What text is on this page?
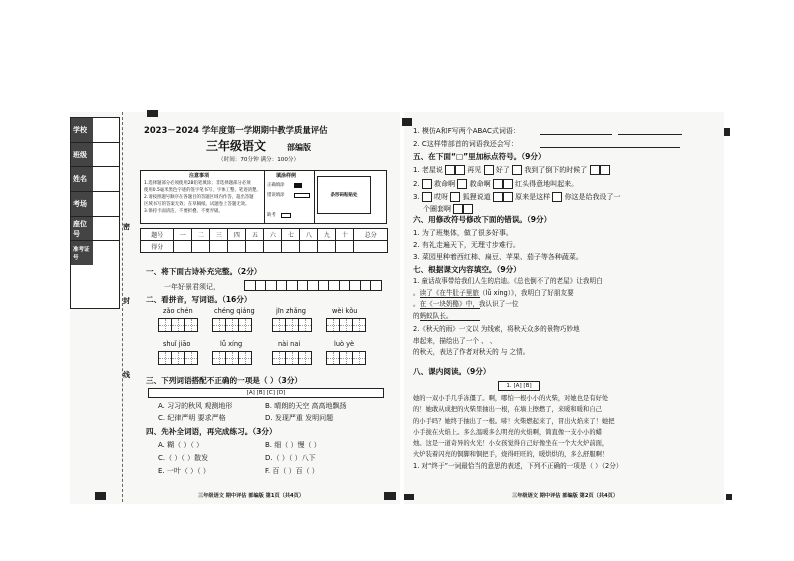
学校
班级
姓名
考场
座位号
准考证号
密
封
线
2023－2024 学年度第一学期期中教学质量评估
三年级语文	部编版
（时间：70分钟 满分：100分）
注意事项
1.选择题部分必须使用2B铅笔填涂；非选择题部分必须
使用0.5毫米黑色字迹的签字笔书写，字体工整、笔迹清楚。
2.请按照题号顺序在各题目的答题区域内作答，超出答题
区域书写的答案无效；在草稿纸、试题卷上答题无效。
3.保持卡面清洁，不要折叠、不要弄破。
填涂样例
正确填涂
错误填涂
缺考
条形码粘贴处
题号	一	二	三	四	五	六	七	八	九	十	总分
得分											
一、将下面古诗补充完整。（2分）
一年好景君须记，
二、看拼音，写词语。（16分）
zǎo chén	chéng qiáng	jīn zhǎng	wèi kǒu
shuǐ jiāo	lǚ xíng	nài nai	luò yè
三、下列词语搭配不正确的一项是（ ）（3分）
[A] [B] [C] [D]
A. 习习的秋风 观测地形	B. 晴朗的天空 高高地飘扬
C. 纪律严明 要求严格	D. 发现严重 发明问题
四、先补全词语，再完成练习。（3分）
A. 糊（ ）（ ）	B. 细（ ）慢（ ）
C.（ ）（ ）散发	D.（ ）（ ）八下
E. 一叶（ ）（ ）	F. 百（ ）百（ ）
三年级语文 期中评估 部编版 第1页（共4页）
1. 模仿A和F写两个ABAC式词语：
2. C这样带部首的词语我还会写：
五、在下面“□”里加标点符号。（9分）
1. 老屋说	再见 好了 我到了倒下的时候了
2. 救命啊 救命啊	红头得意地叫起来。
3. 哎呀 狐狸说道	原来是这样 你这是给我设了一
个圈套啊
六、用修改符号修改下面的错误。（9分）
1. 为了班集体，做了很多好事。
2. 有礼走遍天下，无理寸步难行。
3. 菜园里种着西红柿、扁豆、苹果、茄子等各种蔬菜。
七、根据课文内容填空。（9分）
1. 童话故事带给我们人生的启迪。《总也倒不了的老屋》让我明白
。读了《在牛肚子里旅（lǚ xíng）》，我明白了好朋友要
。在《一块奶酪》中，我认识了一位
的蚂蚁队长。
2.《秋天的雨》一文以 为线索，将秋天众多的景物巧妙地
串起来，描绘出了一个 、 、
的秋天，表达了作者对秋天的 与 之情。
八、课内阅读。（9分）
1. [A] [B]
她的一双小手几乎冻僵了。啊，哪怕一根小小的火柴，对她也是有好处
的！她敢从成把的火柴里抽出一根，在墙上擦燃了，来暖和暖和自己
的小手吗？她终于抽出了一根。哧！火柴燃起来了，冒出火焰来了！她把
小手拢在火焰上。多么温暖多么明亮的火焰啊，简直像一支小小的蜡
烛。这是一道奇异的火光！小女孩觉得自己好像坐在一个大火炉前面，
火炉装着闪亮的铜脚和铜把手，烧得旺旺的，暖烘烘的，多么舒服啊！
1. 对“终于”一词最恰当的意思的表述，下列不正确的一项是（ ）（2分）
三年级语文 期中评估 部编版 第2页（共4页）
